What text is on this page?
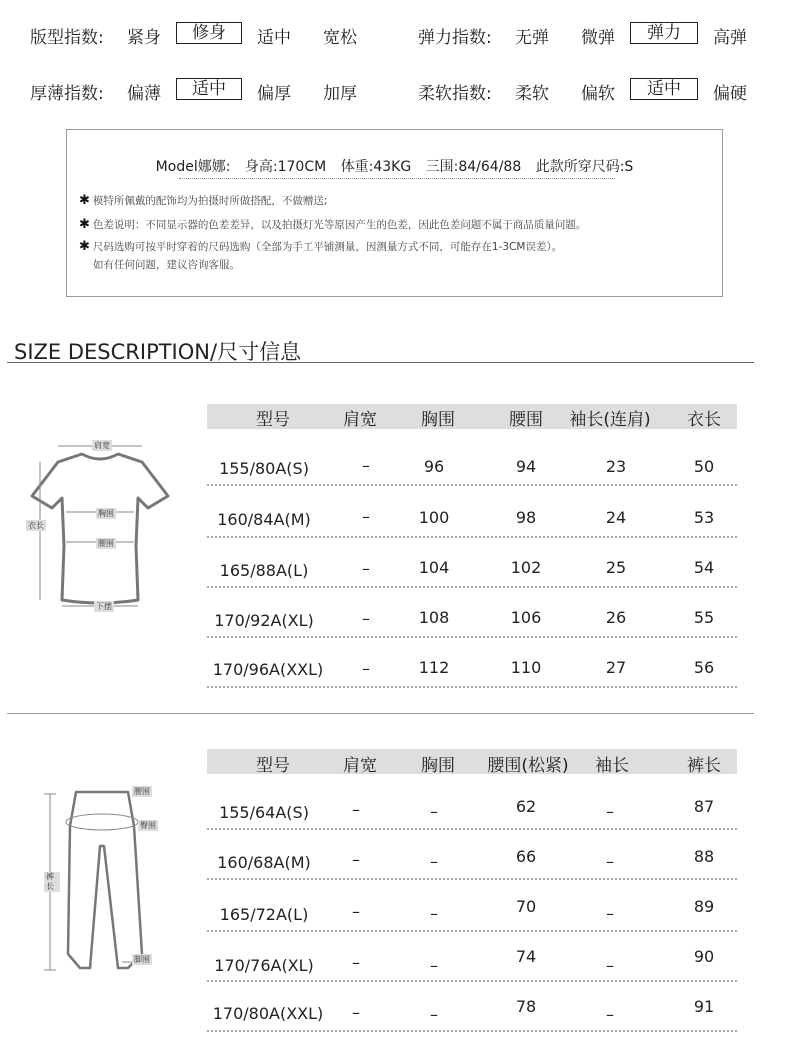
版型指数: 紧身	修身	适中 宽松	弹力指数: 无弹 微弹	弹力	高弹
厚薄指数: 偏薄	适中	偏厚 加厚	柔软指数: 柔软 偏软	适中	偏硬
Model娜娜: 身高:170CM 体重:43KG 三围:84/64/88 此款所穿尺码:S
✱ 模特所佩戴的配饰均为拍摄时所做搭配，不做赠送;
✱ 色差说明：不同显示器的色差差异，以及拍摄灯光等原因产生的色差，因此色差问题不属于商品质量问题。
✱ 尺码选购可按平时穿着的尺码选购（全部为手工平铺测量，因测量方式不同，可能存在1-3CM误差）。
如有任何问题，建议咨询客服。
SIZE DESCRIPTION/尺寸信息
肩宽
胸围
腰围
衣长
下摆
型号	肩宽	胸围	腰围	袖长(连肩)	衣长
155/80A(S)	–	96	94	23	50
160/84A(M)	–	100	98	24	53
165/88A(L)	–	104	102	25	54
170/92A(XL)	–	108	106	26	55
170/96A(XXL)	–	112	110	27	56
腰围
臀围
裤长
脚围
型号	肩宽	胸围	腰围(松紧)	袖长	裤长
155/64A(S)	–	–	62	–	87
160/68A(M)	–	–	66	–	88
165/72A(L)	–	–	70	–	89
170/76A(XL)	–	–	74	–	90
170/80A(XXL)	–	–	78	–	91
